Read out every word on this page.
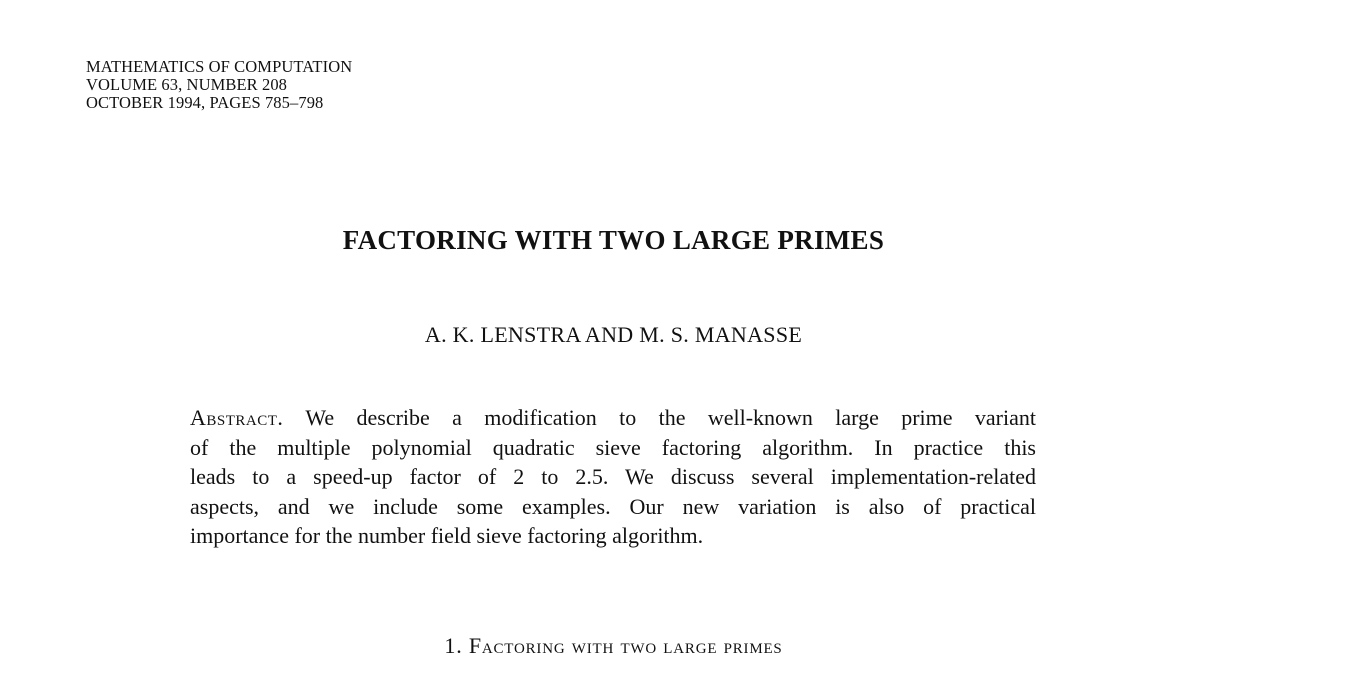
MATHEMATICS OF COMPUTATION
VOLUME 63, NUMBER 208
OCTOBER 1994, PAGES 785–798
FACTORING WITH TWO LARGE PRIMES
A. K. LENSTRA AND M. S. MANASSE
Abstract. We describe a modification to the well-known large prime variant
of the multiple polynomial quadratic sieve factoring algorithm. In practice this
leads to a speed-up factor of 2 to 2.5. We discuss several implementation-related
aspects, and we include some examples. Our new variation is also of practical
importance for the number field sieve factoring algorithm.
1. Factoring with two large primes
